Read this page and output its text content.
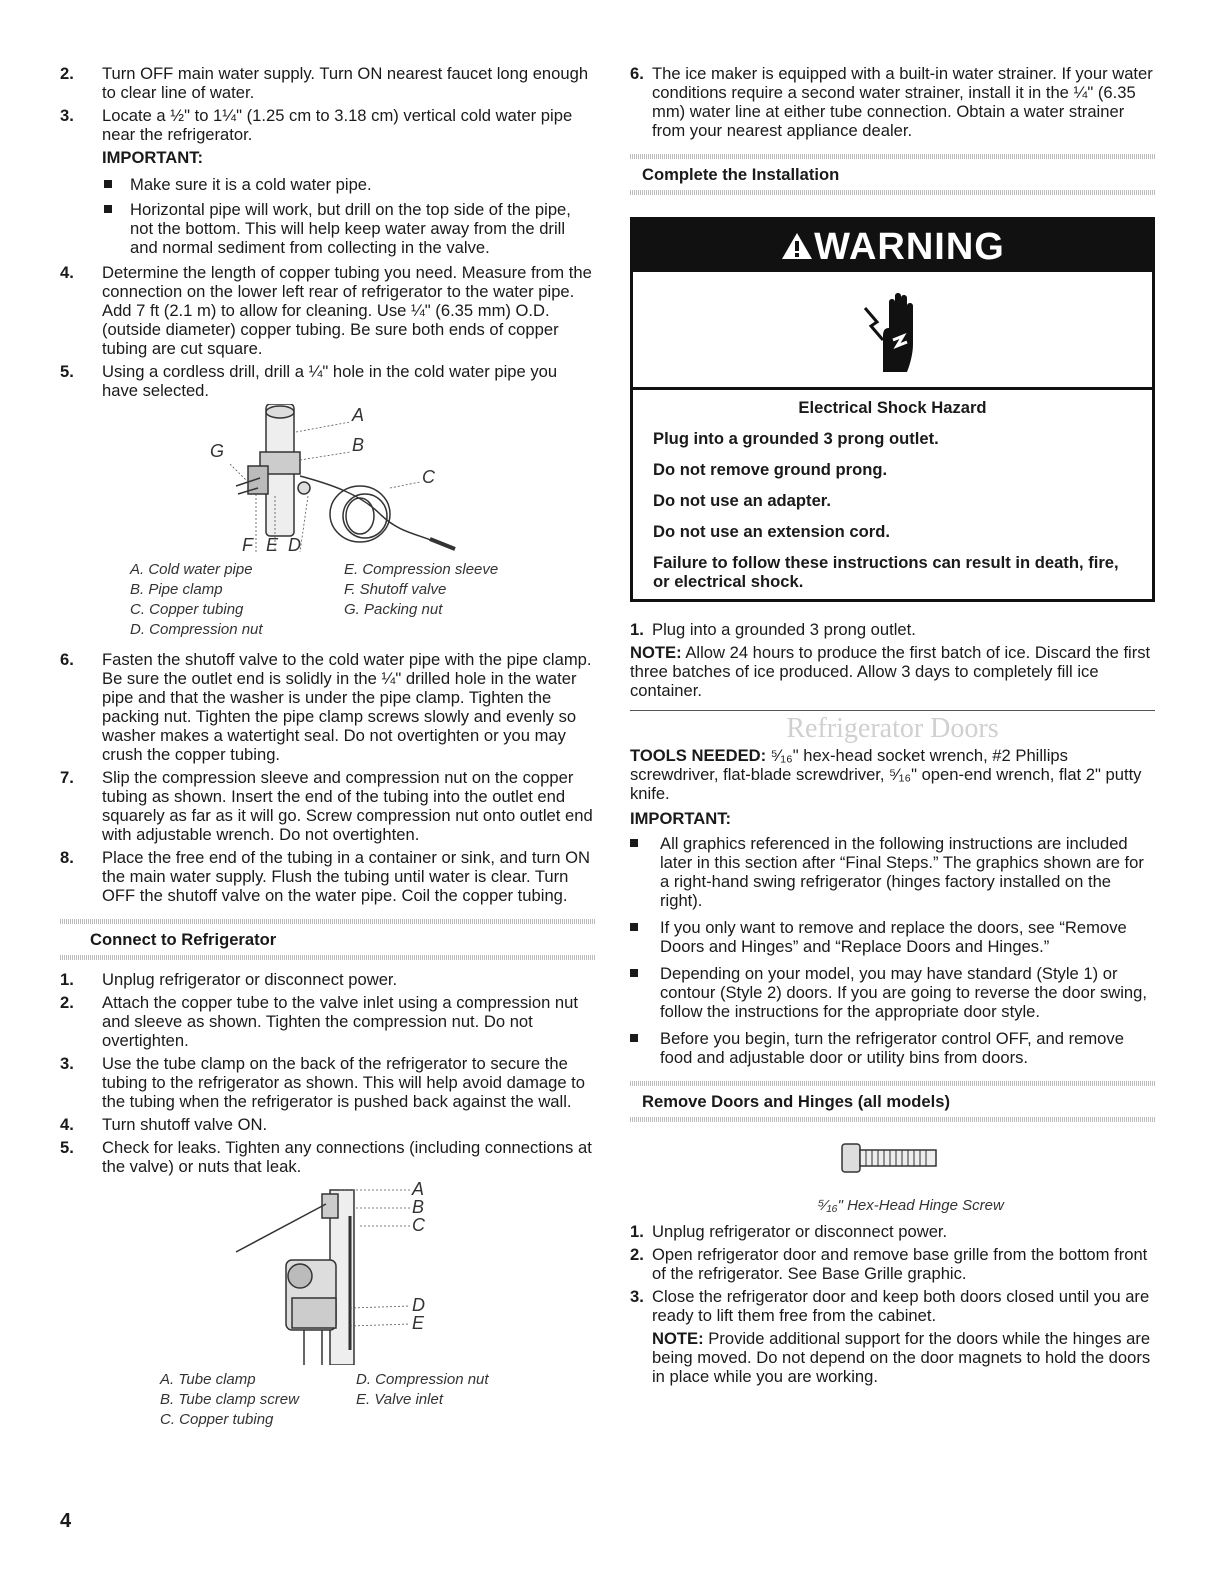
2. Turn OFF main water supply. Turn ON nearest faucet long enough to clear line of water.
3. Locate a ½" to 1¼" (1.25 cm to 3.18 cm) vertical cold water pipe near the refrigerator.
IMPORTANT:
Make sure it is a cold water pipe.
Horizontal pipe will work, but drill on the top side of the pipe, not the bottom. This will help keep water away from the drill and normal sediment from collecting in the valve.
4. Determine the length of copper tubing you need. Measure from the connection on the lower left rear of refrigerator to the water pipe. Add 7 ft (2.1 m) to allow for cleaning. Use ¼" (6.35 mm) O.D. (outside diameter) copper tubing. Be sure both ends of copper tubing are cut square.
5. Using a cordless drill, drill a ¼" hole in the cold water pipe you have selected.
A
B
C
G
F E D
A. Cold water pipe
B. Pipe clamp
C. Copper tubing
D. Compression nut
E. Compression sleeve
F. Shutoff valve
G. Packing nut
6. Fasten the shutoff valve to the cold water pipe with the pipe clamp. Be sure the outlet end is solidly in the ¼" drilled hole in the water pipe and that the washer is under the pipe clamp. Tighten the packing nut. Tighten the pipe clamp screws slowly and evenly so washer makes a watertight seal. Do not overtighten or you may crush the copper tubing.
7. Slip the compression sleeve and compression nut on the copper tubing as shown. Insert the end of the tubing into the outlet end squarely as far as it will go. Screw compression nut onto outlet end with adjustable wrench. Do not overtighten.
8. Place the free end of the tubing in a container or sink, and turn ON the main water supply. Flush the tubing until water is clear. Turn OFF the shutoff valve on the water pipe. Coil the copper tubing.
Connect to Refrigerator
1. Unplug refrigerator or disconnect power.
2. Attach the copper tube to the valve inlet using a compression nut and sleeve as shown. Tighten the compression nut. Do not overtighten.
3. Use the tube clamp on the back of the refrigerator to secure the tubing to the refrigerator as shown. This will help avoid damage to the tubing when the refrigerator is pushed back against the wall.
4. Turn shutoff valve ON.
5. Check for leaks. Tighten any connections (including connections at the valve) or nuts that leak.
A
B
C
D
E
A. Tube clamp
B. Tube clamp screw
C. Copper tubing
D. Compression nut
E. Valve inlet
6. The ice maker is equipped with a built-in water strainer. If your water conditions require a second water strainer, install it in the ¼" (6.35 mm) water line at either tube connection. Obtain a water strainer from your nearest appliance dealer.
Complete the Installation
WARNING
Electrical Shock Hazard

Plug into a grounded 3 prong outlet.

Do not remove ground prong.

Do not use an adapter.

Do not use an extension cord.

Failure to follow these instructions can result in death, fire, or electrical shock.

1. Plug into a grounded 3 prong outlet.
NOTE: Allow 24 hours to produce the first batch of ice. Discard the first three batches of ice produced. Allow 3 days to completely fill ice container.
Refrigerator Doors
TOOLS NEEDED: ⁵⁄₁₆" hex-head socket wrench, #2 Phillips screwdriver, flat-blade screwdriver, ⁵⁄₁₆" open-end wrench, flat 2" putty knife.
IMPORTANT:
All graphics referenced in the following instructions are included later in this section after “Final Steps.” The graphics shown are for a right-hand swing refrigerator (hinges factory installed on the right).
If you only want to remove and replace the doors, see “Remove Doors and Hinges” and “Replace Doors and Hinges.”
Depending on your model, you may have standard (Style 1) or contour (Style 2) doors. If you are going to reverse the door swing, follow the instructions for the appropriate door style.
Before you begin, turn the refrigerator control OFF, and remove food and adjustable door or utility bins from doors.
Remove Doors and Hinges (all models)
⁵⁄₁₆" Hex-Head Hinge Screw
1. Unplug refrigerator or disconnect power.
2. Open refrigerator door and remove base grille from the bottom front of the refrigerator. See Base Grille graphic.
3. Close the refrigerator door and keep both doors closed until you are ready to lift them free from the cabinet.
NOTE: Provide additional support for the doors while the hinges are being moved. Do not depend on the door magnets to hold the doors in place while you are working.
4
